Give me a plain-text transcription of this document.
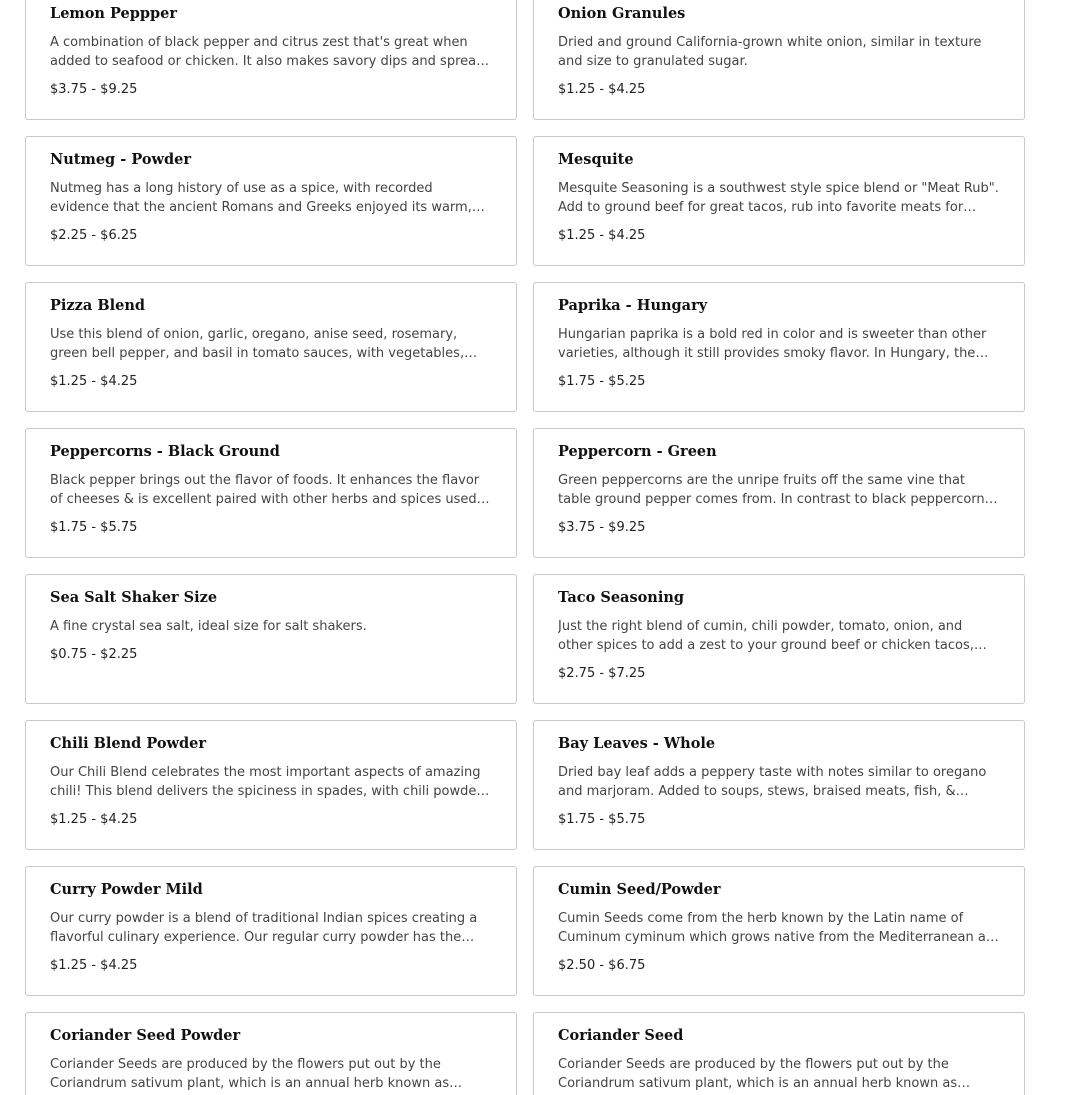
Lemon Peppper

A combination of black pepper and citrus zest that's great when added to seafood or chicken. It also makes savory dips and spreads

$3.75 - $9.25
Onion Granules

Dried and ground California-grown white onion, similar in texture and size to granulated sugar.

$1.25 - $4.25
Nutmeg - Powder

Nutmeg has a long history of use as a spice, with recorded evidence that the ancient Romans and Greeks enjoyed its warm,

$2.25 - $6.25
Mesquite

Mesquite Seasoning is a southwest style spice blend or "Meat Rub". Add to ground beef for great tacos, rub into favorite meats for

$1.25 - $4.25
Pizza Blend

Use this blend of onion, garlic, oregano, anise seed, rosemary, green bell pepper, and basil in tomato sauces, with vegetables,

$1.25 - $4.25
Paprika - Hungary

Hungarian paprika is a bold red in color and is sweeter than other varieties, although it still provides smoky flavor. In Hungary, the

$1.75 - $5.25
Peppercorns - Black Ground

Black pepper brings out the flavor of foods. It enhances the flavor of cheeses & is excellent paired with other herbs and spices used

$1.75 - $5.75
Peppercorn - Green

Green peppercorns are the unripe fruits off the same vine that table ground pepper comes from. In contrast to black peppercorns,

$3.75 - $9.25
Sea Salt Shaker Size

A fine crystal sea salt, ideal size for salt shakers.

$0.75 - $2.25
Taco Seasoning

Just the right blend of cumin, chili powder, tomato, onion, and other spices to add a zest to your ground beef or chicken tacos,

$2.75 - $7.25
Chili Blend Powder

Our Chili Blend celebrates the most important aspects of amazing chili! This blend delivers the spiciness in spades, with chili powder,

$1.25 - $4.25
Bay Leaves - Whole

Dried bay leaf adds a peppery taste with notes similar to oregano and marjoram. Added to soups, stews, braised meats, fish, &

$1.75 - $5.75
Curry Powder Mild

Our curry powder is a blend of traditional Indian spices creating a flavorful culinary experience. Our regular curry powder has the

$1.25 - $4.25
Cumin Seed/Powder

Cumin Seeds come from the herb known by the Latin name of Cuminum cyminum which grows native from the Mediterranean all

$2.50 - $6.75
Coriander Seed Powder

Coriander Seeds are produced by the flowers put out by the Coriandrum sativum plant, which is an annual herb known as

Coriander Seed

Coriander Seeds are produced by the flowers put out by the Coriandrum sativum plant, which is an annual herb known as
